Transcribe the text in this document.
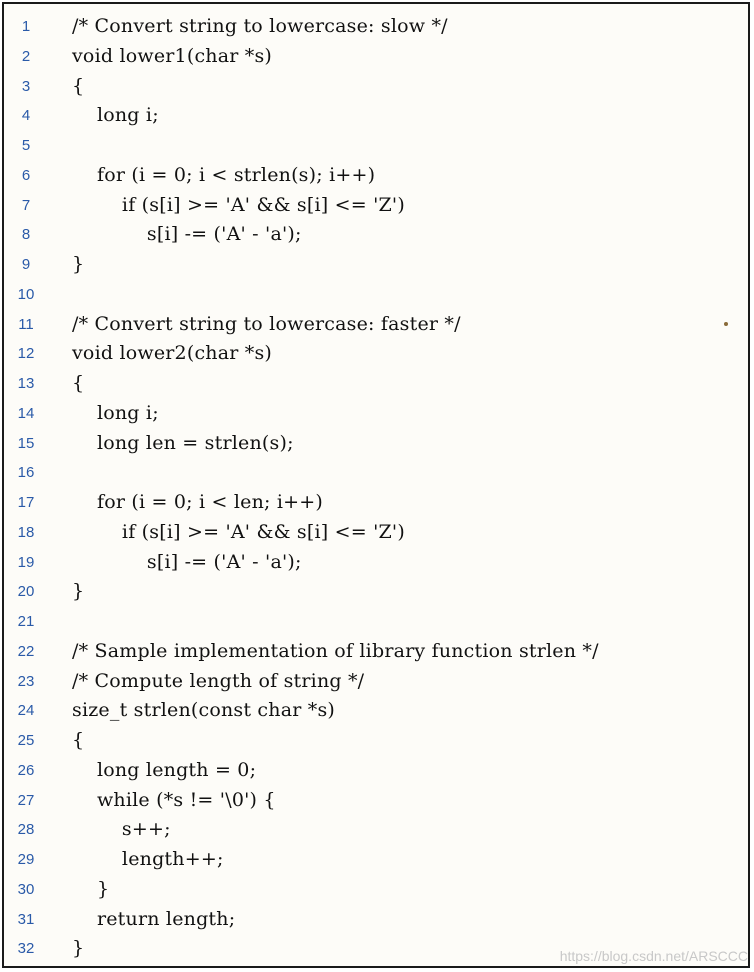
1	/* Convert string to lowercase: slow */
2	void lower1(char *s)
3	{
4	long i;
5
6	for (i = 0; i < strlen(s); i++)
7	if (s[i] >= 'A' && s[i] <= 'Z')
8	s[i] -= ('A' - 'a');
9	}
10
11	/* Convert string to lowercase: faster */
12 void lower2(char *s)
13 {
14 long i;
15 long len = strlen(s);
16
17 for (i = 0; i < len; i++)
18 if (s[i] >= 'A' && s[i] <= 'Z')
19 s[i] -= ('A' - 'a');
20 }
21
22 /* Sample implementation of library function strlen */
23 /* Compute length of string */
24 size_t strlen(const char *s)
25 {
26 long length = 0;
27 while (*s != '\0') {
28 s++;
29 length++;
30 }
31 return length;
32 }	https://blog.csdn.net/ARSCCC
